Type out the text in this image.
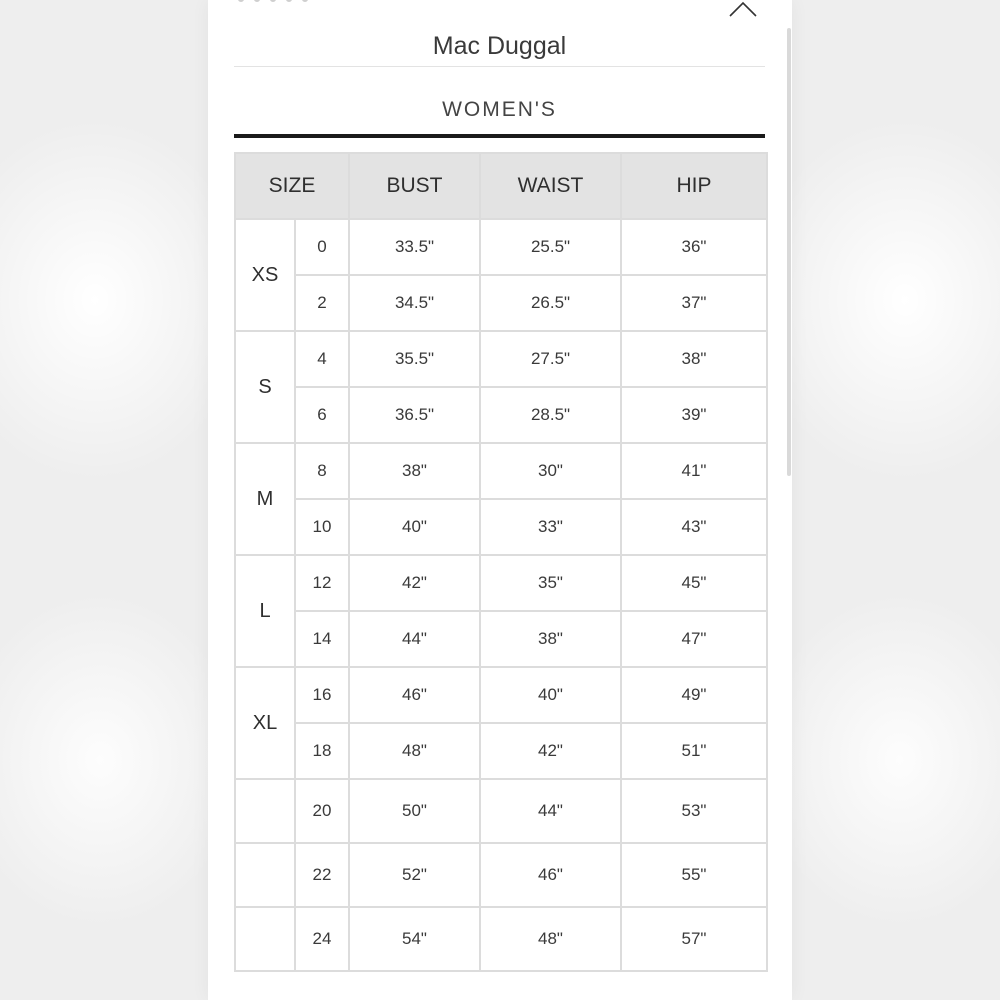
Mac Duggal
WOMEN'S
SIZE		BUST	WAIST	HIP
XS	0	33.5"	25.5"	36"
	2	34.5"	26.5"	37"
S	4	35.5"	27.5"	38"
	6	36.5"	28.5"	39"
M	8	38"	30"	41"
	10	40"	33"	43"
L	12	42"	35"	45"
	14	44"	38"	47"
XL	16	46"	40"	49"
	18	48"	42"	51"
	20	50"	44"	53"
	22	52"	46"	55"
	24	54"	48"	57"
